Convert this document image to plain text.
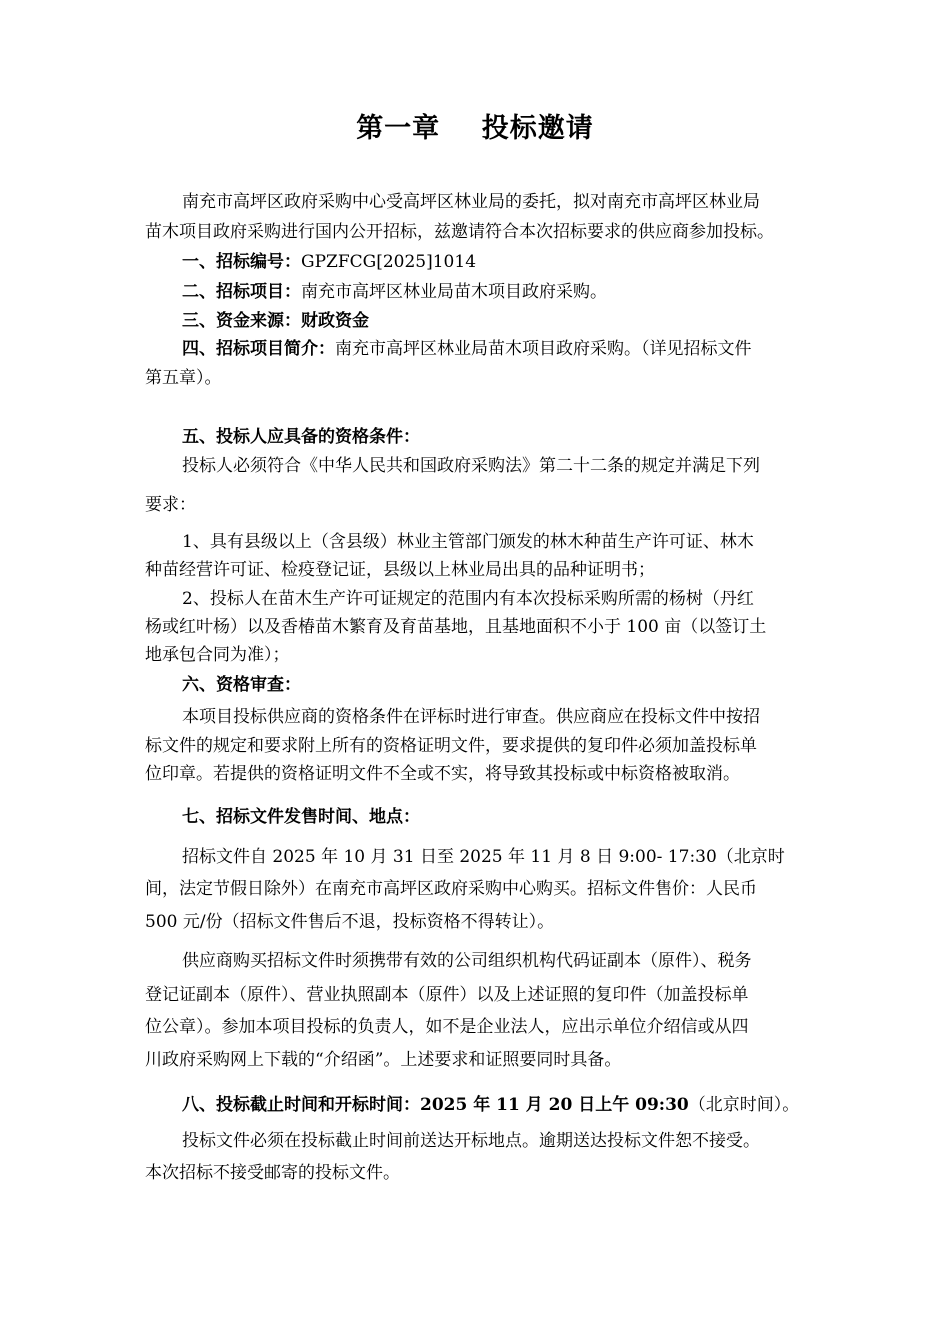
第一章    投标邀请

南充市高坪区政府采购中心受高坪区林业局的委托，拟对南充市高坪区林业局

苗木项目政府采购进行国内公开招标，兹邀请符合本次招标要求的供应商参加投标。

一、招标编号：GPZFCG[2025]1014

二、招标项目：南充市高坪区林业局苗木项目政府采购。

三、资金来源：财政资金

四、招标项目简介：南充市高坪区林业局苗木项目政府采购。（详见招标文件

第五章）。

五、投标人应具备的资格条件：

投标人必须符合《中华人民共和国政府采购法》第二十二条的规定并满足下列

要求：

1、具有县级以上（含县级）林业主管部门颁发的林木种苗生产许可证、林木

种苗经营许可证、检疫登记证，县级以上林业局出具的品种证明书；

2、投标人在苗木生产许可证规定的范围内有本次投标采购所需的杨树（丹红

杨或红叶杨）以及香椿苗木繁育及育苗基地，且基地面积不小于 100 亩（以签订土

地承包合同为准）；

六、资格审查：

本项目投标供应商的资格条件在评标时进行审查。供应商应在投标文件中按招

标文件的规定和要求附上所有的资格证明文件，要求提供的复印件必须加盖投标单

位印章。若提供的资格证明文件不全或不实，将导致其投标或中标资格被取消。

七、招标文件发售时间、地点：

招标文件自 2025 年 10 月 31 日至 2025 年 11 月 8 日 9:00- 17:30（北京时

间，法定节假日除外）在南充市高坪区政府采购中心购买。招标文件售价：人民币

500 元/份（招标文件售后不退，投标资格不得转让）。

供应商购买招标文件时须携带有效的公司组织机构代码证副本（原件）、税务

登记证副本（原件）、营业执照副本（原件）以及上述证照的复印件（加盖投标单

位公章）。参加本项目投标的负责人，如不是企业法人，应出示单位介绍信或从四

川政府采购网上下载的“介绍函”。上述要求和证照要同时具备。

八、投标截止时间和开标时间：2025 年 11 月 20 日上午 09:30（北京时间）。

投标文件必须在投标截止时间前送达开标地点。逾期送达投标文件恕不接受。

本次招标不接受邮寄的投标文件。
